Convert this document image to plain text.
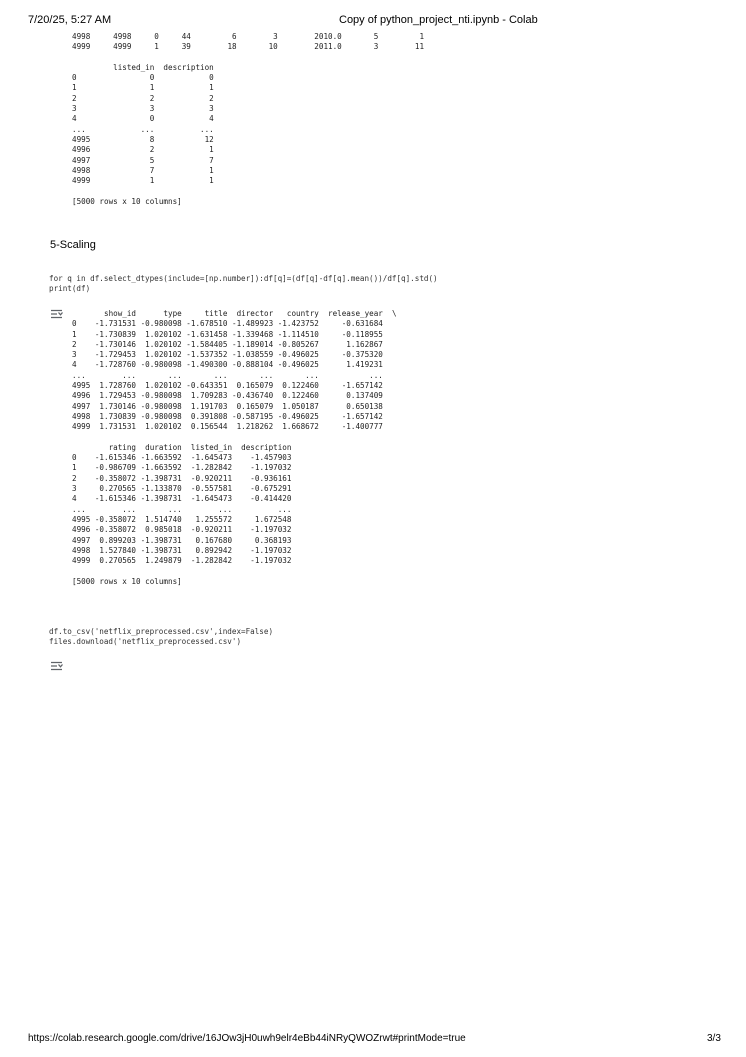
7/20/25, 5:27 AM	Copy of python_project_nti.ipynb - Colab
4998     4998     0     44         6        3        2010.0       5         1
4999     4999     1     39        18       10        2011.0       3        11

listed_in  description
0                0            0
1                1            1
2                2            2
3                3            3
4                0            4
...            ...          ...
4995             8           12
4996             2            1
4997             5            7
4998             7            1
4999             1            1

[5000 rows x 10 columns]
5-Scaling
for q in df.select_dtypes(include=[np.number]):df[q]=(df[q]-df[q].mean())/df[q].std()
print(df)
show_id      type     title  director   country  release_year  \
0    -1.731531 -0.980098 -1.678510 -1.489923 -1.423752     -0.631684
1    -1.730839  1.020102 -1.631458 -1.339468 -1.114510     -0.118955
2    -1.730146  1.020102 -1.584405 -1.189014 -0.805267      1.162867
3    -1.729453  1.020102 -1.537352 -1.038559 -0.496025     -0.375320
4    -1.728760 -0.980098 -1.490300 -0.888104 -0.496025      1.419231
...        ...       ...       ...       ...       ...           ...
4995  1.728760  1.020102 -0.643351  0.165079  0.122460     -1.657142
4996  1.729453 -0.980098  1.709283 -0.436740  0.122460      0.137409
4997  1.730146 -0.980098  1.191703  0.165079  1.050187      0.650138
4998  1.730839 -0.980098  0.391808 -0.587195 -0.496025     -1.657142
4999  1.731531  1.020102  0.156544  1.218262  1.668672     -1.400777

rating  duration  listed_in  description
0    -1.615346 -1.663592  -1.645473    -1.457903
1    -0.986709 -1.663592  -1.282842    -1.197032
2    -0.358072 -1.398731  -0.920211    -0.936161
3     0.270565 -1.133870  -0.557581    -0.675291
4    -1.615346 -1.398731  -1.645473    -0.414420
...        ...       ...        ...          ...
4995 -0.358072  1.514740   1.255572     1.672548
4996 -0.358072  0.985018  -0.920211    -1.197032
4997  0.899203 -1.398731   0.167680     0.368193
4998  1.527840 -1.398731   0.892942    -1.197032
4999  0.270565  1.249879  -1.282842    -1.197032

[5000 rows x 10 columns]
df.to_csv('netflix_preprocessed.csv',index=False)
files.download('netflix_preprocessed.csv')
https://colab.research.google.com/drive/16JOw3jH0uwh9elr4eBb44iNRyQWOZrwt#printMode=true	3/3
